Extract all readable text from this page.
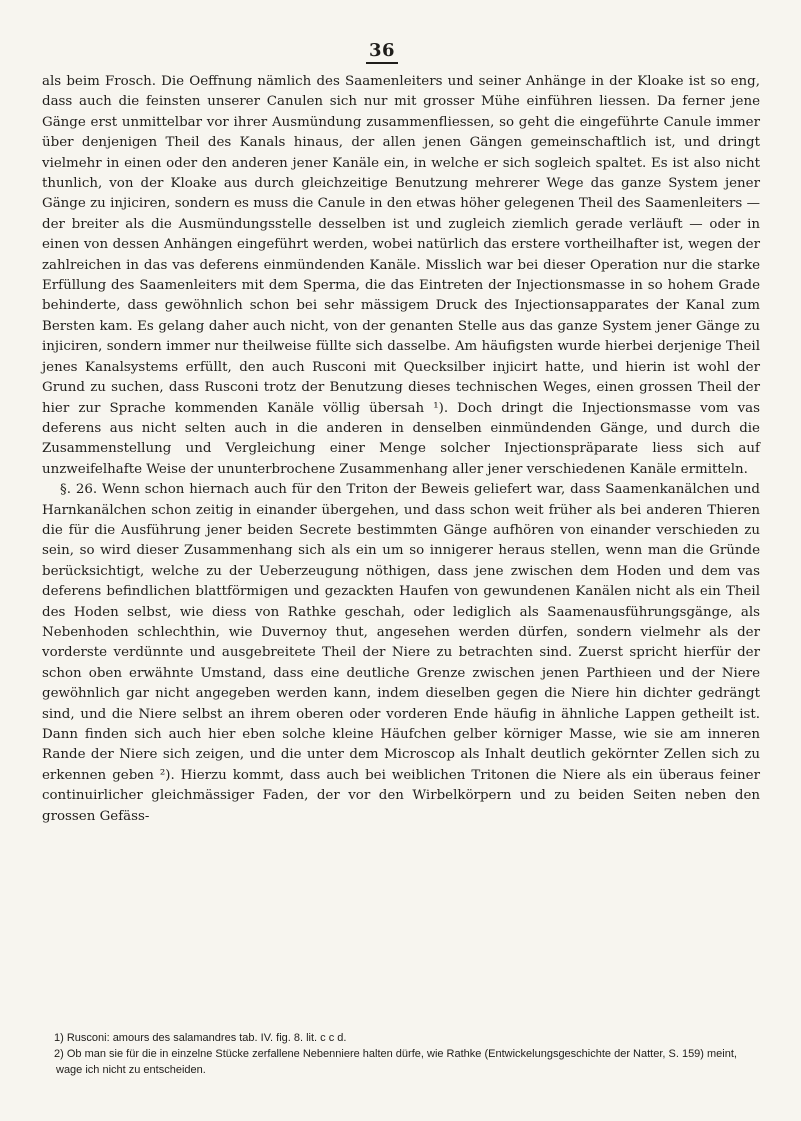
36

als beim Frosch. Die Oeffnung nämlich des Saamenleiters und seiner Anhänge in der Kloake ist so eng, dass auch die feinsten unserer Canulen sich nur mit grosser Mühe einführen liessen. Da ferner jene Gänge erst unmittelbar vor ihrer Ausmündung zusammenfliessen, so geht die eingeführte Canule immer über denjenigen Theil des Kanals hinaus, der allen jenen Gängen gemeinschaftlich ist, und dringt vielmehr in einen oder den anderen jener Kanäle ein, in welche er sich sogleich spaltet. Es ist also nicht thunlich, von der Kloake aus durch gleichzeitige Benutzung mehrerer Wege das ganze System jener Gänge zu injiciren, sondern es muss die Canule in den etwas höher gelegenen Theil des Saamenleiters — der breiter als die Ausmündungsstelle desselben ist und zugleich ziemlich gerade verläuft — oder in einen von dessen Anhängen eingeführt werden, wobei natürlich das erstere vortheilhafter ist, wegen der zahlreichen in das vas deferens einmündenden Kanäle. Misslich war bei dieser Operation nur die starke Erfüllung des Saamenleiters mit dem Sperma, die das Eintreten der Injectionsmasse in so hohem Grade behinderte, dass gewöhnlich schon bei sehr mässigem Druck des Injectionsapparates der Kanal zum Bersten kam. Es gelang daher auch nicht, von der genanten Stelle aus das ganze System jener Gänge zu injiciren, sondern immer nur theilweise füllte sich dasselbe. Am häufigsten wurde hierbei derjenige Theil jenes Kanalsystems erfüllt, den auch Rusconi mit Quecksilber injicirt hatte, und hierin ist wohl der Grund zu suchen, dass Rusconi trotz der Benutzung dieses technischen Weges, einen grossen Theil der hier zur Sprache kommenden Kanäle völlig übersah ¹). Doch dringt die Injectionsmasse vom vas deferens aus nicht selten auch in die anderen in denselben einmündenden Gänge, und durch die Zusammenstellung und Vergleichung einer Menge solcher Injectionspräparate liess sich auf unzweifelhafte Weise der ununterbrochene Zusammenhang aller jener verschiedenen Kanäle ermitteln.

§. 26. Wenn schon hiernach auch für den Triton der Beweis geliefert war, dass Saamenkanälchen und Harnkanälchen schon zeitig in einander übergehen, und dass schon weit früher als bei anderen Thieren die für die Ausführung jener beiden Secrete bestimmten Gänge aufhören von einander verschieden zu sein, so wird dieser Zusammenhang sich als ein um so innigerer heraus stellen, wenn man die Gründe berücksichtigt, welche zu der Ueberzeugung nöthigen, dass jene zwischen dem Hoden und dem vas deferens befindlichen blattförmigen und gezackten Haufen von gewundenen Kanälen nicht als ein Theil des Hoden selbst, wie diess von Rathke geschah, oder lediglich als Saamenausführungsgänge, als Nebenhoden schlechthin, wie Duvernoy thut, angesehen werden dürfen, sondern vielmehr als der vorderste verdünnte und ausgebreitete Theil der Niere zu betrachten sind. Zuerst spricht hierfür der schon oben erwähnte Umstand, dass eine deutliche Grenze zwischen jenen Parthieen und der Niere gewöhnlich gar nicht angegeben werden kann, indem dieselben gegen die Niere hin dichter gedrängt sind, und die Niere selbst an ihrem oberen oder vorderen Ende häufig in ähnliche Lappen getheilt ist. Dann finden sich auch hier eben solche kleine Häufchen gelber körniger Masse, wie sie am inneren Rande der Niere sich zeigen, und die unter dem Microscop als Inhalt deutlich gekörnter Zellen sich zu erkennen geben ²). Hierzu kommt, dass auch bei weiblichen Tritonen die Niere als ein überaus feiner continuirlicher gleichmässiger Faden, der vor den Wirbelkörpern und zu beiden Seiten neben den grossen Gefäss-

1) Rusconi: amours des salamandres tab. IV. fig. 8. lit. c c d.

2) Ob man sie für die in einzelne Stücke zerfallene Nebenniere halten dürfe, wie Rathke (Entwickelungsgeschichte der Natter, S. 159) meint, wage ich nicht zu entscheiden.
